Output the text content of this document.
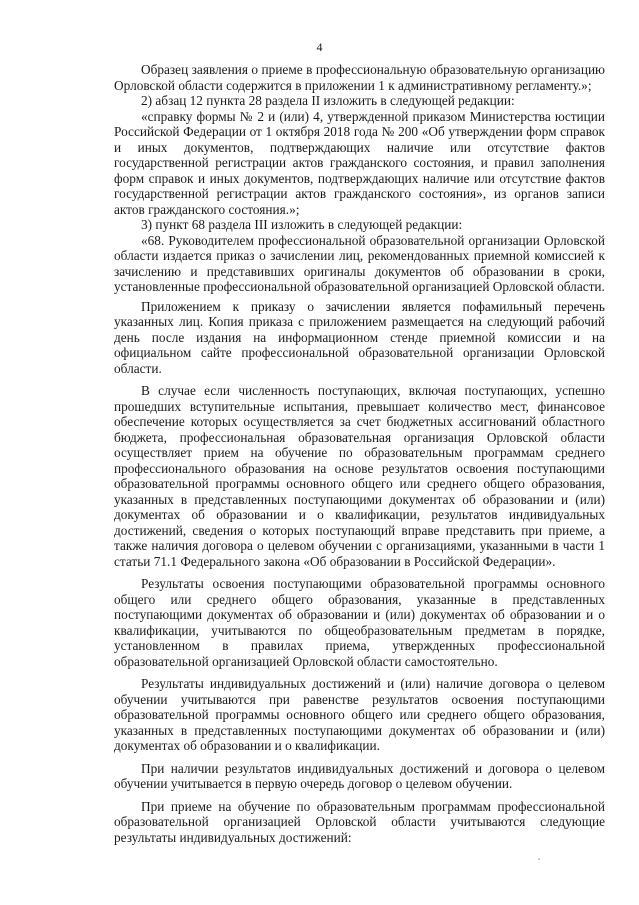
4

Образец заявления о приеме в профессиональную образовательную организацию Орловской области содержится в приложении 1 к административному регламенту.»;

2) абзац 12 пункта 28 раздела II изложить в следующей редакции:

«справку формы № 2 и (или) 4, утвержденной приказом Министерства юстиции Российской Федерации от 1 октября 2018 года № 200 «Об утверждении форм справок и иных документов, подтверждающих наличие или отсутствие фактов государственной регистрации актов гражданского состояния, и правил заполнения форм справок и иных документов, подтверждающих наличие или отсутствие фактов государственной регистрации актов гражданского состояния», из органов записи актов гражданского состояния.»;

3) пункт 68 раздела III изложить в следующей редакции:

«68. Руководителем профессиональной образовательной организации Орловской области издается приказ о зачислении лиц, рекомендованных приемной комиссией к зачислению и представивших оригиналы документов об образовании в сроки, установленные профессиональной образовательной организацией Орловской области.

Приложением к приказу о зачислении является пофамильный перечень указанных лиц. Копия приказа с приложением размещается на следующий рабочий день после издания на информационном стенде приемной комиссии и на официальном сайте профессиональной образовательной организации Орловской области.

В случае если численность поступающих, включая поступающих, успешно прошедших вступительные испытания, превышает количество мест, финансовое обеспечение которых осуществляется за счет бюджетных ассигнований областного бюджета, профессиональная образовательная организация Орловской области осуществляет прием на обучение по образовательным программам среднего профессионального образования на основе результатов освоения поступающими образовательной программы основного общего или среднего общего образования, указанных в представленных поступающими документах об образовании и (или) документах об образовании и о квалификации, результатов индивидуальных достижений, сведения о которых поступающий вправе представить при приеме, а также наличия договора о целевом обучении с организациями, указанными в части 1 статьи 71.1 Федерального закона «Об образовании в Российской Федерации».

Результаты освоения поступающими образовательной программы основного общего или среднего общего образования, указанные в представленных поступающими документах об образовании и (или) документах об образовании и о квалификации, учитываются по общеобразовательным предметам в порядке, установленном в правилах приема, утвержденных профессиональной образовательной организацией Орловской области самостоятельно.

Результаты индивидуальных достижений и (или) наличие договора о целевом обучении учитываются при равенстве результатов освоения поступающими образовательной программы основного общего или среднего общего образования, указанных в представленных поступающими документах об образовании и (или) документах об образовании и о квалификации.

При наличии результатов индивидуальных достижений и договора о целевом обучении учитывается в первую очередь договор о целевом обучении.

При приеме на обучение по образовательным программам профессиональной образовательной организацией Орловской области учитываются следующие результаты индивидуальных достижений:
